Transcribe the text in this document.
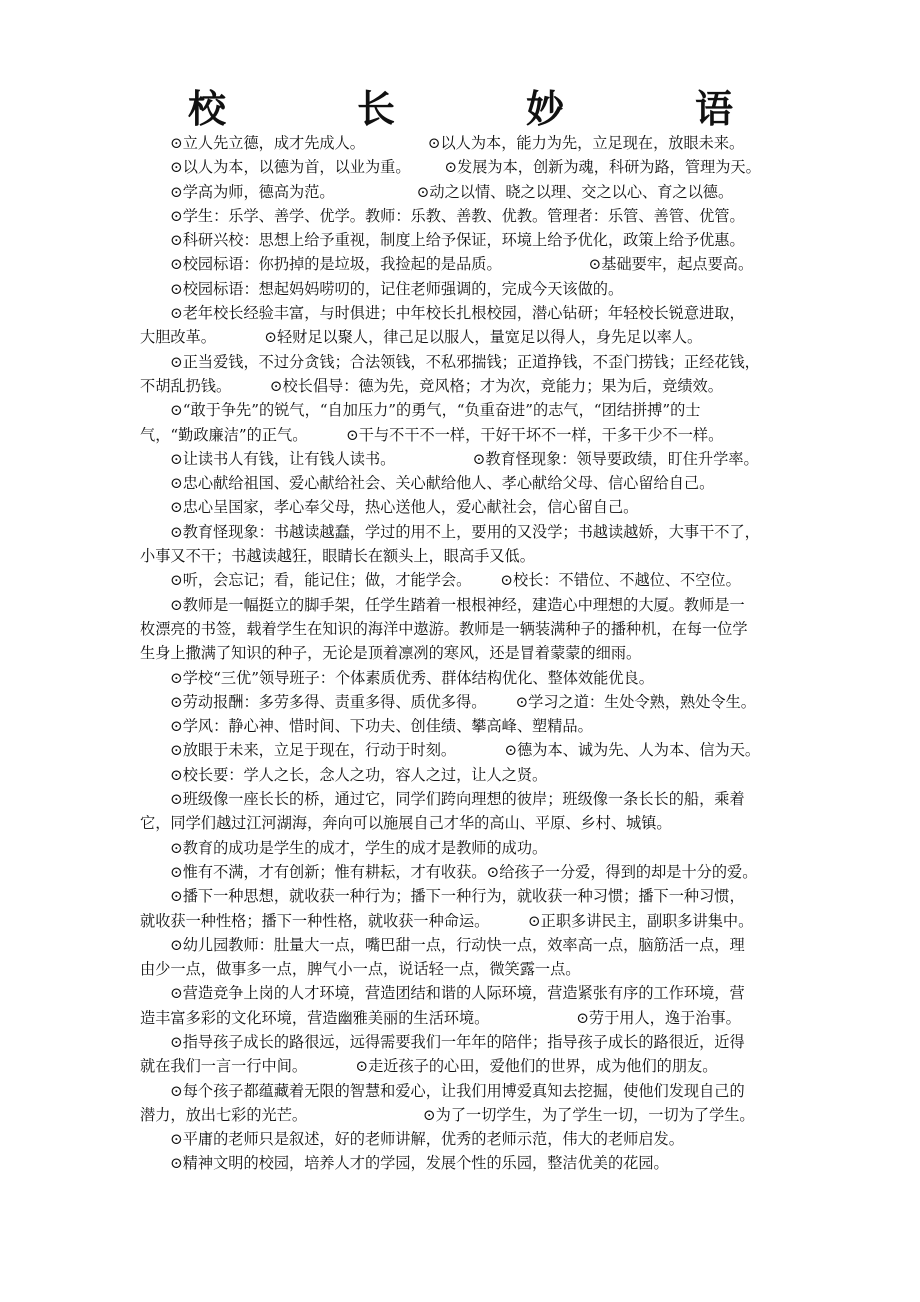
校	长	妙	语
⊙立人先立德，成才先成人。             ⊙以人为本，能力为先，立足现在，放眼未来。
⊙以人为本，以德为首，以业为重。       ⊙发展为本，创新为魂，科研为路，管理为天。
⊙学高为师，德高为范。                 ⊙动之以情、晓之以理、交之以心、育之以德。
⊙学生：乐学、善学、优学。教师：乐教、善教、优教。管理者：乐管、善管、优管。
⊙科研兴校：思想上给予重视，制度上给予保证，环境上给予优化，政策上给予优惠。
⊙校园标语：你扔掉的是垃圾，我捡起的是品质。                  ⊙基础要牢，起点要高。
⊙校园标语：想起妈妈唠叨的，记住老师强调的，完成今天该做的。
⊙老年校长经验丰富，与时俱进；中年校长扎根校园，潜心钻研；年轻校长锐意进取，
大胆改革。          ⊙轻财足以聚人，律己足以服人，量宽足以得人，身先足以率人。
⊙正当爱钱，不过分贪钱；合法领钱，不私邪揣钱；正道挣钱，不歪门捞钱；正经花钱，
不胡乱扔钱。        ⊙校长倡导：德为先，竞风格；才为次，竞能力；果为后，竞绩效。
⊙“敢于争先”的锐气，“自加压力”的勇气，“负重奋进”的志气，“团结拼搏”的士
气，“勤政廉洁”的正气。        ⊙干与不干不一样，干好干坏不一样，干多干少不一样。
⊙让读书人有钱，让有钱人读书。                ⊙教育怪现象：领导要政绩，盯住升学率。
⊙忠心献给祖国、爱心献给社会、关心献给他人、孝心献给父母、信心留给自己。
⊙忠心呈国家，孝心奉父母，热心送他人，爱心献社会，信心留自己。
⊙教育怪现象：书越读越蠢，学过的用不上，要用的又没学；书越读越娇，大事干不了，
小事又不干；书越读越狂，眼睛长在额头上，眼高手又低。
⊙听，会忘记；看，能记住；做，才能学会。      ⊙校长：不错位、不越位、不空位。
⊙教师是一幅挺立的脚手架，任学生踏着一根根神经，建造心中理想的大厦。教师是一
枚漂亮的书签，载着学生在知识的海洋中遨游。教师是一辆装满种子的播种机，在每一位学
生身上撒满了知识的种子，无论是顶着凛冽的寒风，还是冒着蒙蒙的细雨。
⊙学校“三优”领导班子：个体素质优秀、群体结构优化、整体效能优良。
⊙劳动报酬：多劳多得、责重多得、质优多得。      ⊙学习之道：生处令熟，熟处令生。
⊙学风：静心神、惜时间、下功夫、创佳绩、攀高峰、塑精品。
⊙放眼于未来，立足于现在，行动于时刻。          ⊙德为本、诚为先、人为本、信为天。
⊙校长要：学人之长，念人之功，容人之过，让人之贤。
⊙班级像一座长长的桥，通过它，同学们跨向理想的彼岸；班级像一条长长的船，乘着
它，同学们越过江河湖海，奔向可以施展自己才华的高山、平原、乡村、城镇。
⊙教育的成功是学生的成才，学生的成才是教师的成功。
⊙惟有不满，才有创新；惟有耕耘，才有收获。⊙给孩子一分爱，得到的却是十分的爱。
⊙播下一种思想，就收获一种行为；播下一种行为，就收获一种习惯；播下一种习惯，
就收获一种性格；播下一种性格，就收获一种命运。        ⊙正职多讲民主，副职多讲集中。
⊙幼儿园教师：肚量大一点，嘴巴甜一点，行动快一点，效率高一点，脑筋活一点，理
由少一点，做事多一点，脾气小一点，说话轻一点，微笑露一点。
⊙营造竞争上岗的人才环境，营造团结和谐的人际环境，营造紧张有序的工作环境，营
造丰富多彩的文化环境，营造幽雅美丽的生活环境。                  ⊙劳于用人，逸于治事。
⊙指导孩子成长的路很远，远得需要我们一年年的陪伴；指导孩子成长的路很近，近得
就在我们一言一行中间。          ⊙走近孩子的心田，爱他们的世界，成为他们的朋友。
⊙每个孩子都蕴藏着无限的智慧和爱心，让我们用博爱真知去挖掘，使他们发现自己的
潜力，放出七彩的光芒。                        ⊙为了一切学生，为了学生一切，一切为了学生。
⊙平庸的老师只是叙述，好的老师讲解，优秀的老师示范，伟大的老师启发。
⊙精神文明的校园，培养人才的学园，发展个性的乐园，整洁优美的花园。
